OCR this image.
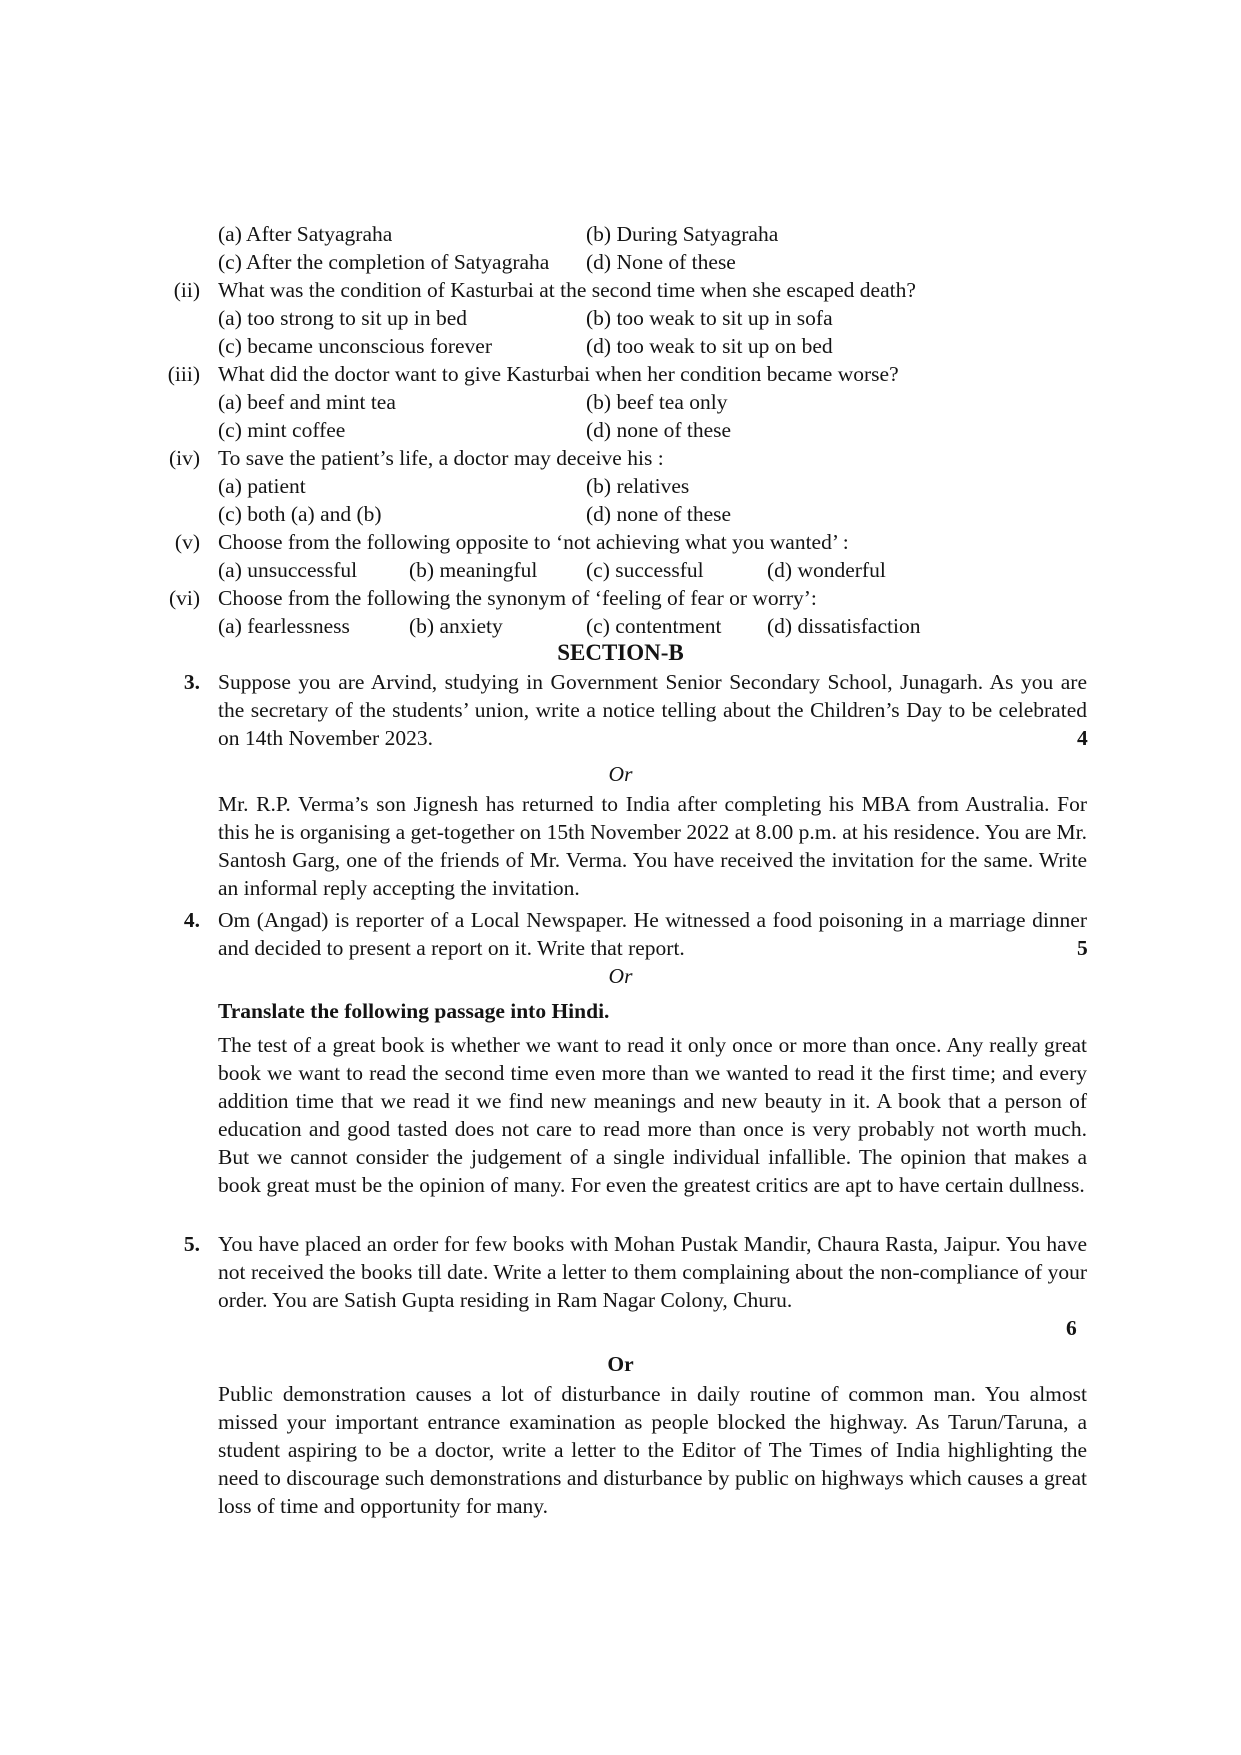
(a) After Satyagraha	(b) During Satyagraha
(c) After the completion of Satyagraha (d) None of these
(ii) What was the condition of Kasturbai at the second time when she escaped death?
(a) too strong to sit up in bed	(b) too weak to sit up in sofa
(c) became unconscious forever	(d) too weak to sit up on bed
(iii) What did the doctor want to give Kasturbai when her condition became worse?
(a) beef and mint tea	(b) beef tea only
(c) mint coffee	(d) none of these
(iv) To save the patient’s life, a doctor may deceive his :
(a) patient	(b) relatives
(c) both (a) and (b)	(d) none of these
(v) Choose from the following opposite to ‘not achieving what you wanted’ :
(a) unsuccessful (b) meaningful (c) successful	(d) wonderful
(vi) Choose from the following the synonym of ‘feeling of fear or worry’:
(a) fearlessness	(b) anxiety	(c) contentment (d) dissatisfaction
SECTION-B
3. Suppose you are Arvind, studying in Government Senior Secondary School, Junagarh. As you are the secretary of the students’ union, write a notice telling about the Children’s Day to be celebrated on 14th November 2023.	4
Or
Mr. R.P. Verma’s son Jignesh has returned to India after completing his MBA from Australia. For this he is organising a get-together on 15th November 2022 at 8.00 p.m. at his residence. You are Mr. Santosh Garg, one of the friends of Mr. Verma. You have received the invitation for the same. Write an informal reply accepting the invitation.
4. Om (Angad) is reporter of a Local Newspaper. He witnessed a food poisoning in a marriage dinner and decided to present a report on it. Write that report.	5
Or
Translate the following passage into Hindi.
The test of a great book is whether we want to read it only once or more than once. Any really great book we want to read the second time even more than we wanted to read it the first time; and every addition time that we read it we find new meanings and new beauty in it. A book that a person of education and good tasted does not care to read more than once is very probably not worth much. But we cannot consider the judgement of a single individual infallible. The opinion that makes a book great must be the opinion of many. For even the greatest critics are apt to have certain dullness.
5. You have placed an order for few books with Mohan Pustak Mandir, Chaura Rasta, Jaipur. You have not received the books till date. Write a letter to them complaining about the non-compliance of your order. You are Satish Gupta residing in Ram Nagar Colony, Churu.
6
Or
Public demonstration causes a lot of disturbance in daily routine of common man. You almost missed your important entrance examination as people blocked the highway. As Tarun/Taruna, a student aspiring to be a doctor, write a letter to the Editor of The Times of India highlighting the need to discourage such demonstrations and disturbance by public on highways which causes a great loss of time and opportunity for many.
